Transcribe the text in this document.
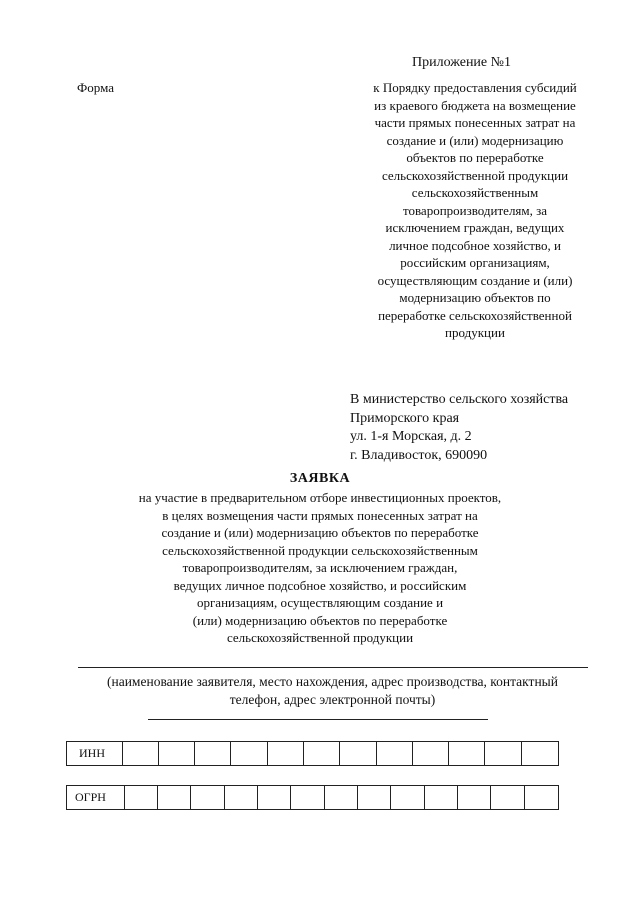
Приложение №1
Форма	к Порядку предоставления субсидий
из краевого бюджета на возмещение
части прямых понесенных затрат на
создание и (или) модернизацию
объектов по переработке
сельскохозяйственной продукции
сельскохозяйственным
товаропроизводителям, за
исключением граждан, ведущих
личное подсобное хозяйство, и
российским организациям,
осуществляющим создание и (или)
модернизацию объектов по
переработке сельскохозяйственной
продукции
В министерство сельского хозяйства
Приморского края
ул. 1-я Морская, д. 2
г. Владивосток, 690090
ЗАЯВКА
на участие в предварительном отборе инвестиционных проектов,
в целях возмещения части прямых понесенных затрат на
создание и (или) модернизацию объектов по переработке
сельскохозяйственной продукции сельскохозяйственным
товаропроизводителям, за исключением граждан,
ведущих личное подсобное хозяйство, и российским
организациям, осуществляющим создание и
(или) модернизацию объектов по переработке
сельскохозяйственной продукции
(наименование заявителя, место нахождения, адрес производства, контактный
телефон, адрес электронной почты)
ИНН
ОГРН
